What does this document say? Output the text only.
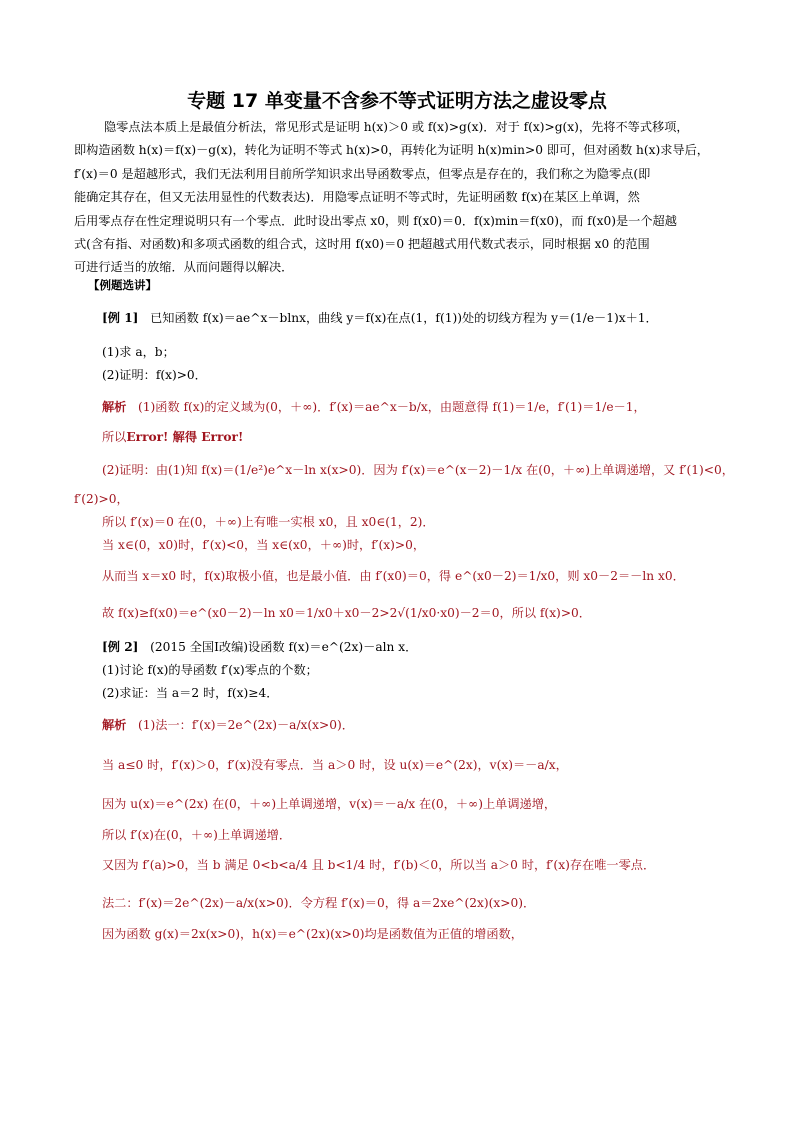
专题 17 单变量不含参不等式证明方法之虚设零点
隐零点法本质上是最值分析法，常见形式是证明 h(x)＞0 或 f(x)>g(x)．对于 f(x)>g(x)，先将不等式移项，
即构造函数 h(x)＝f(x)－g(x)，转化为证明不等式 h(x)>0，再转化为证明 h(x)min>0 即可，但对函数 h(x)求导后，
f′(x)＝0 是超越形式，我们无法利用目前所学知识求出导函数零点，但零点是存在的，我们称之为隐零点(即
能确定其存在，但又无法用显性的代数表达)．用隐零点证明不等式时，先证明函数 f(x)在某区上单调，然
后用零点存在性定理说明只有一个零点．此时设出零点 x0，则 f(x0)＝0．f(x)min＝f(x0)，而 f(x0)是一个超越
式(含有指、对函数)和多项式函数的组合式，这时用 f(x0)＝0 把超越式用代数式表示，同时根据 x0 的范围
可进行适当的放缩．从而问题得以解决．
【例题选讲】
[例 1] 已知函数 f(x)＝ae^x－blnx，曲线 y＝f(x)在点(1，f(1))处的切线方程为 y＝(1/e－1)x＋1．
(1)求 a，b；
(2)证明：f(x)>0．
解析 (1)函数 f(x)的定义域为(0，＋∞)．f′(x)＝ae^x－b/x，由题意得 f(1)＝1/e，f′(1)＝1/e－1，
所以Error! 解得 Error!
(2)证明：由(1)知 f(x)＝(1/e²)e^x－ln x(x>0)．因为 f′(x)＝e^(x－2)－1/x 在(0，＋∞)上单调递增，又 f′(1)<0，
f′(2)>0，
所以 f′(x)＝0 在(0，＋∞)上有唯一实根 x0，且 x0∈(1，2)．
当 x∈(0，x0)时，f′(x)<0，当 x∈(x0，＋∞)时，f′(x)>0，
从而当 x＝x0 时，f(x)取极小值，也是最小值．由 f′(x0)＝0，得 e^(x0－2)＝1/x0，则 x0－2＝－ln x0．
故 f(x)≥f(x0)＝e^(x0－2)－ln x0＝1/x0＋x0－2>2√(1/x0·x0)－2＝0，所以 f(x)>0．
[例 2] (2015 全国Ⅰ改编)设函数 f(x)＝e^(2x)－aln x．
(1)讨论 f(x)的导函数 f′(x)零点的个数；
(2)求证：当 a＝2 时，f(x)≥4．
解析 (1)法一：f′(x)＝2e^(2x)－a/x(x>0)．
当 a≤0 时，f′(x)＞0，f′(x)没有零点．当 a＞0 时，设 u(x)＝e^(2x)，v(x)＝－a/x，
因为 u(x)＝e^(2x) 在(0，＋∞)上单调递增，v(x)＝－a/x 在(0，＋∞)上单调递增，
所以 f′(x)在(0，＋∞)上单调递增．
又因为 f′(a)>0，当 b 满足 0<b<a/4 且 b<1/4 时，f′(b)＜0，所以当 a＞0 时，f′(x)存在唯一零点．
法二：f′(x)＝2e^(2x)－a/x(x>0)．令方程 f′(x)＝0，得 a＝2xe^(2x)(x>0)．
因为函数 g(x)＝2x(x>0)，h(x)＝e^(2x)(x>0)均是函数值为正值的增函数，
